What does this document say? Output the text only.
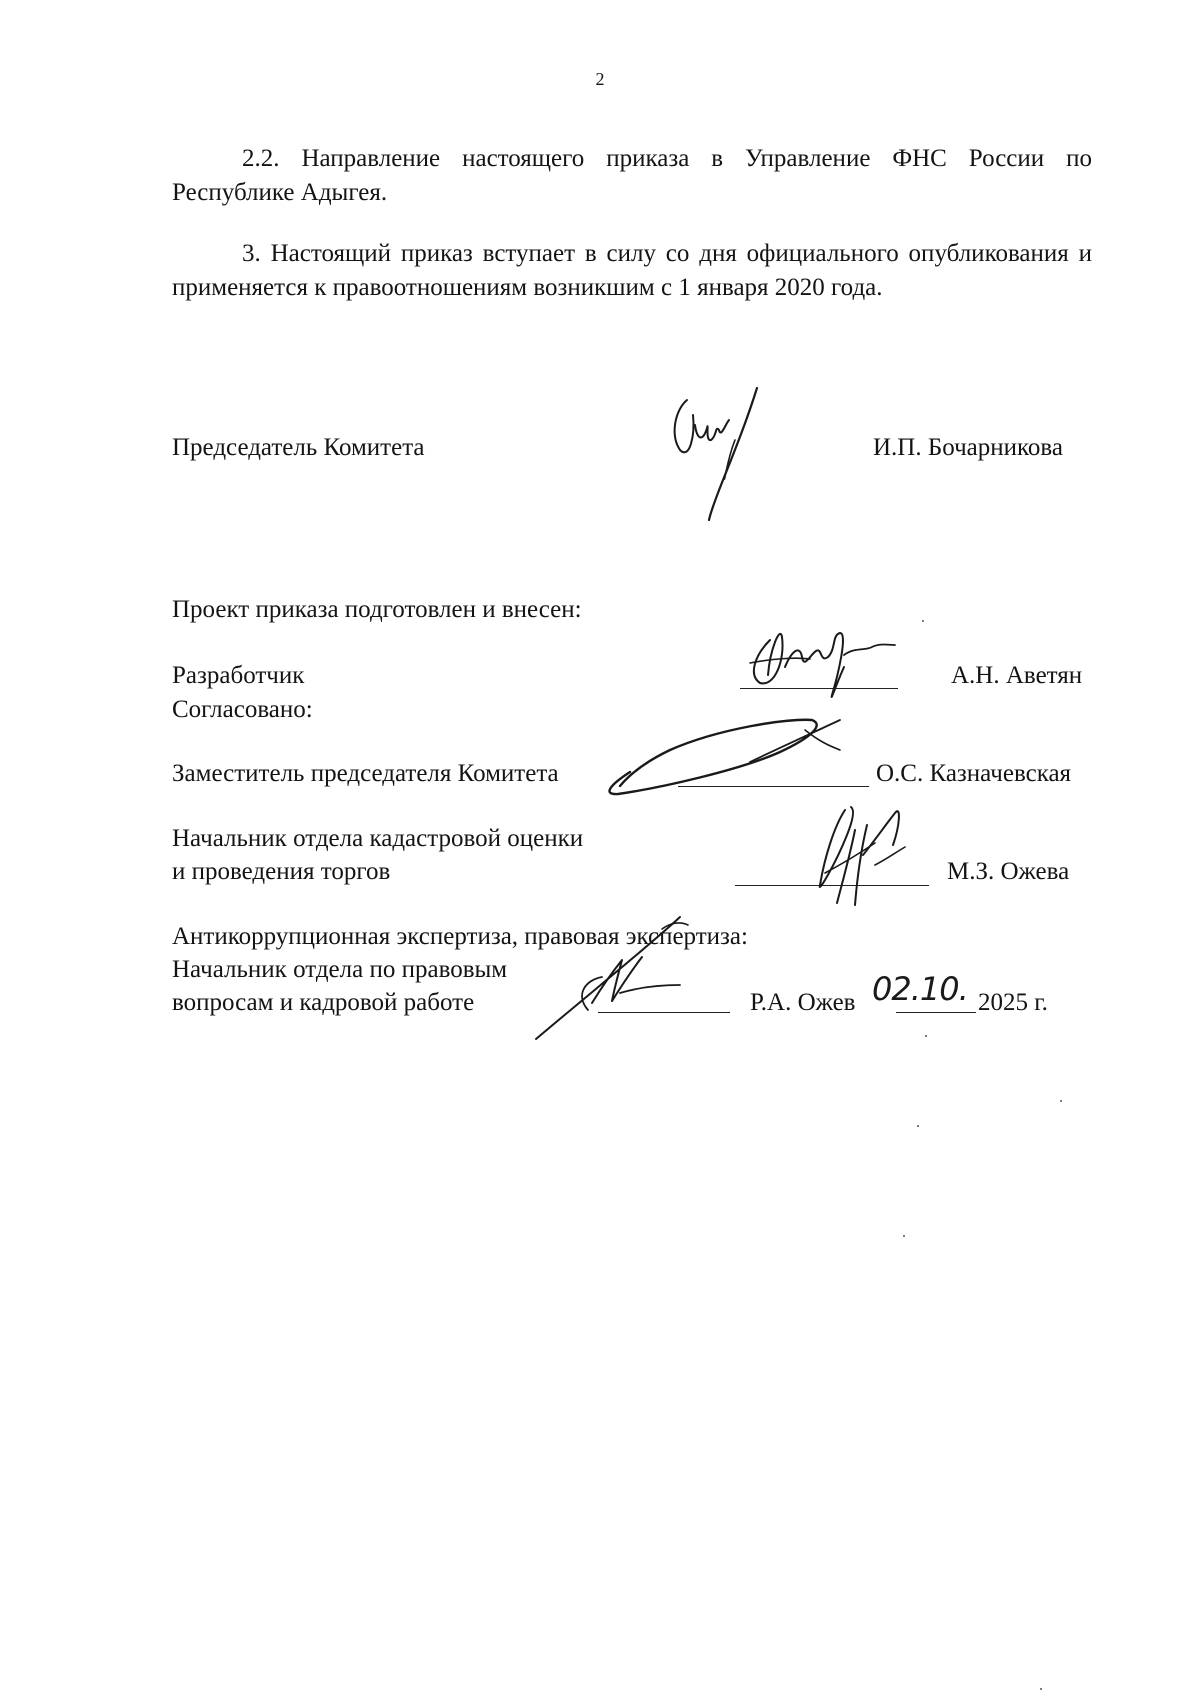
2
2.2. Направление настоящего приказа в Управление ФНС России по Республике Адыгея.
3. Настоящий приказ вступает в силу со дня официального опубликования и применяется к правоотношениям возникшим с 1 января 2020 года.
Председатель Комитета	И.П. Бочарникова
Проект приказа подготовлен и внесен:
Разработчик	А.Н. Аветян
Согласовано:
Заместитель председателя Комитета	О.С. Казначевская
Начальник отдела кадастровой оценки
и проведения торгов	М.З. Ожева
Антикоррупционная экспертиза, правовая экспертиза:
Начальник отдела по правовым
вопросам и кадровой работе	Р.А. Ожев 02.10. 2025 г.
